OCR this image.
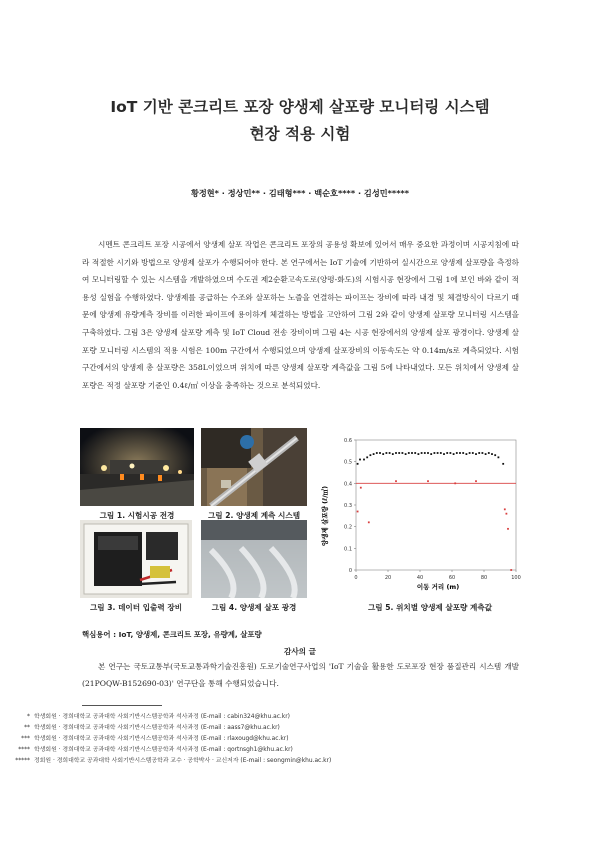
IoT 기반 콘크리트 포장 양생제 살포량 모니터링 시스템
현장 적용 시험
황정현* · 정상민** · 김태형*** · 백순호**** · 김성민*****

시멘트 콘크리트 포장 시공에서 양생제 살포 작업은 콘크리트 포장의 공용성 확보에 있어서 매우 중요한 과정이며 시공지침에 따라 적절한 시기와 방법으로 양생제 살포가 수행되어야 한다. 본 연구에서는 IoT 기술에 기반하여 실시간으로 양생제 살포량을 측정하여 모니터링할 수 있는 시스템을 개발하였으며 수도권 제2순환고속도로(양평-화도)의 시험시공 현장에서 그림 1에 보인 바와 같이 적용성 실험을 수행하였다. 양생제를 공급하는 수조와 살포하는 노즐을 연결하는 파이프는 장비에 따라 내경 및 체결방식이 다르기 때문에 양생제 유량계측 장비를 이러한 파이프에 용이하게 체결하는 방법을 고안하여 그림 2와 같이 양생제 살포량 모니터링 시스템을 구축하였다. 그림 3은 양생제 살포량 계측 및 IoT Cloud 전송 장비이며 그림 4는 시공 현장에서의 양생제 살포 광경이다. 양생제 살포량 모니터링 시스템의 적용 시험은 100m 구간에서 수행되었으며 양생제 살포장비의 이동속도는 약 0.14m/s로 계측되었다. 시험 구간에서의 양생제 총 살포량은 358L이었으며 위치에 따른 양생제 살포량 계측값을 그림 5에 나타내었다. 모든 위치에서 양생제 살포량은 적정 살포량 기준인 0.4ℓ/㎡ 이상을 충족하는 것으로 분석되었다.

그림 1. 시험시공 전경	그림 2. 양생제 계측 시스템
그림 3. 데이터 입출력 장비	그림 4. 양생제 살포 광경
0
0.1
0.2
0.3
0.4
0.5
0.6
0	20	40	60	80	100
양생제 살포량 (ℓ/㎡)
이동 거리 (m)
그림 5. 위치별 양생제 살포량 계측값
핵심용어 : IoT, 양생제, 콘크리트 포장, 유량계, 살포량
감사의 글

본 연구는 국토교통부(국토교통과학기술진흥원) 도로기술연구사업의 'IoT 기술을 활용한 도로포장 현장 품질관리 시스템 개발(21POQW-B152690-03)' 연구단을 통해 수행되었습니다.

* 학생회원 · 경희대학교 공과대학 사회기반시스템공학과 석사과정 (E-mail : cabin324@khu.ac.kr)
** 학생회원 · 경희대학교 공과대학 사회기반시스템공학과 석사과정 (E-mail : aass7@khu.ac.kr)
*** 학생회원 · 경희대학교 공과대학 사회기반시스템공학과 석사과정 (E-mail : rlaxougd@khu.ac.kr)
**** 학생회원 · 경희대학교 공과대학 사회기반시스템공학과 석사과정 (E-mail : qortnsgh1@khu.ac.kr)
***** 정회원 · 경희대학교 공과대학 사회기반시스템공학과 교수 · 공학박사 · 교신저자 (E-mail : seongmin@khu.ac.kr)
